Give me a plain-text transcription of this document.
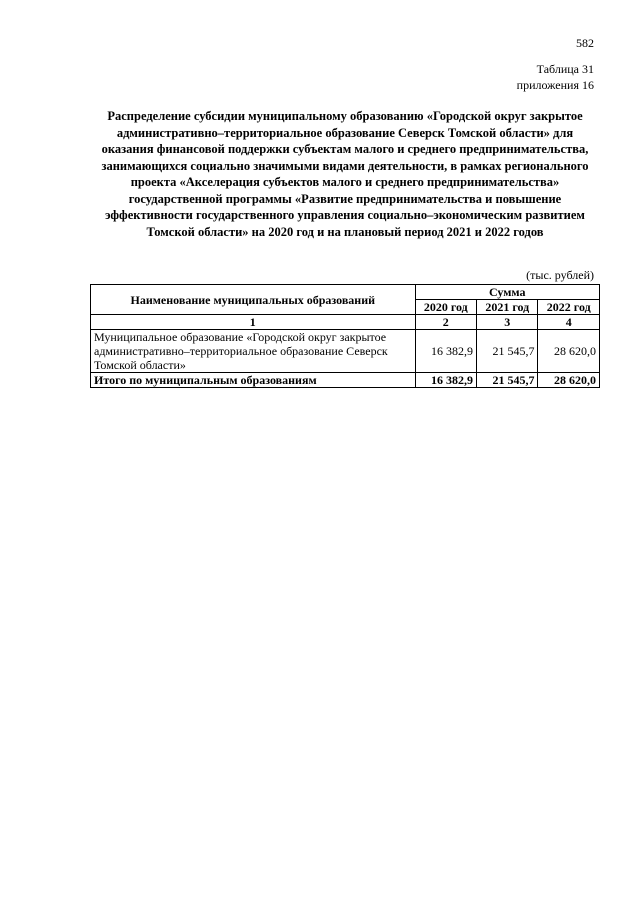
582
Таблица 31
приложения 16
Распределение субсидии муниципальному образованию «Городской округ закрытое административно–территориальное образование Северск Томской области» для оказания финансовой поддержки субъектам малого и среднего предпринимательства, занимающихся социально значимыми видами деятельности, в рамках регионального проекта «Акселерация субъектов малого и среднего предпринимательства» государственной программы «Развитие предпринимательства и повышение эффективности государственного управления социально–экономическим развитием Томской области» на 2020 год и на плановый период 2021 и 2022 годов
(тыс. рублей)
Наименование муниципальных образований	Сумма		
	2020 год	2021 год	2022 год
1	2	3	4
Муниципальное образование «Городской округ закрытое административно–территориальное образование Северск Томской области»	16 382,9	21 545,7	28 620,0
Итого по муниципальным образованиям	16 382,9	21 545,7	28 620,0
